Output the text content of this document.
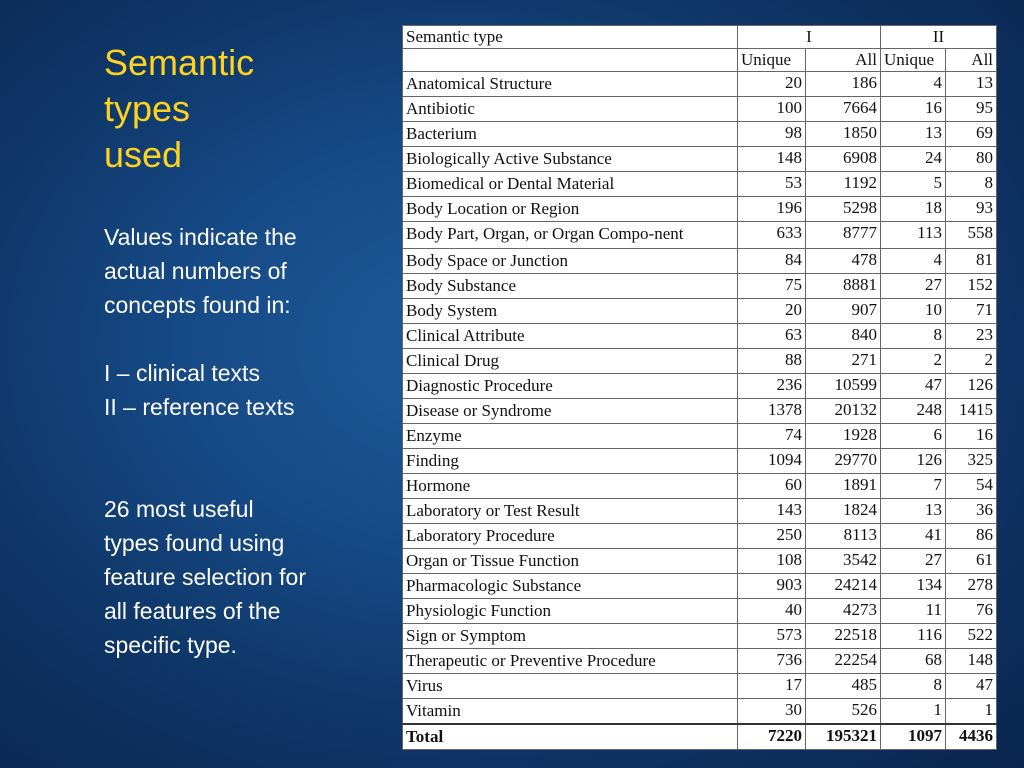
Semantic
types
used
Values indicate the
actual numbers of
concepts found in:
I – clinical texts
II – reference texts
26 most useful
types found using
feature selection for
all features of the
specific type.
Semantic type	I		II	
	Unique	All	Unique	All
Anatomical Structure	20	186	4	13
Antibiotic	100	7664	16	95
Bacterium	98	1850	13	69
Biologically Active Substance	148	6908	24	80
Biomedical or Dental Material	53	1192	5	8
Body Location or Region	196	5298	18	93
Body Part, Organ, or Organ Compo-nent	633	8777	113	558
Body Space or Junction	84	478	4	81
Body Substance	75	8881	27	152
Body System	20	907	10	71
Clinical Attribute	63	840	8	23
Clinical Drug	88	271	2	2
Diagnostic Procedure	236	10599	47	126
Disease or Syndrome	1378	20132	248	1415
Enzyme	74	1928	6	16
Finding	1094	29770	126	325
Hormone	60	1891	7	54
Laboratory or Test Result	143	1824	13	36
Laboratory Procedure	250	8113	41	86
Organ or Tissue Function	108	3542	27	61
Pharmacologic Substance	903	24214	134	278
Physiologic Function	40	4273	11	76
Sign or Symptom	573	22518	116	522
Therapeutic or Preventive Procedure	736	22254	68	148
Virus	17	485	8	47
Vitamin	30	526	1	1
Total	7220	195321	1097	4436
